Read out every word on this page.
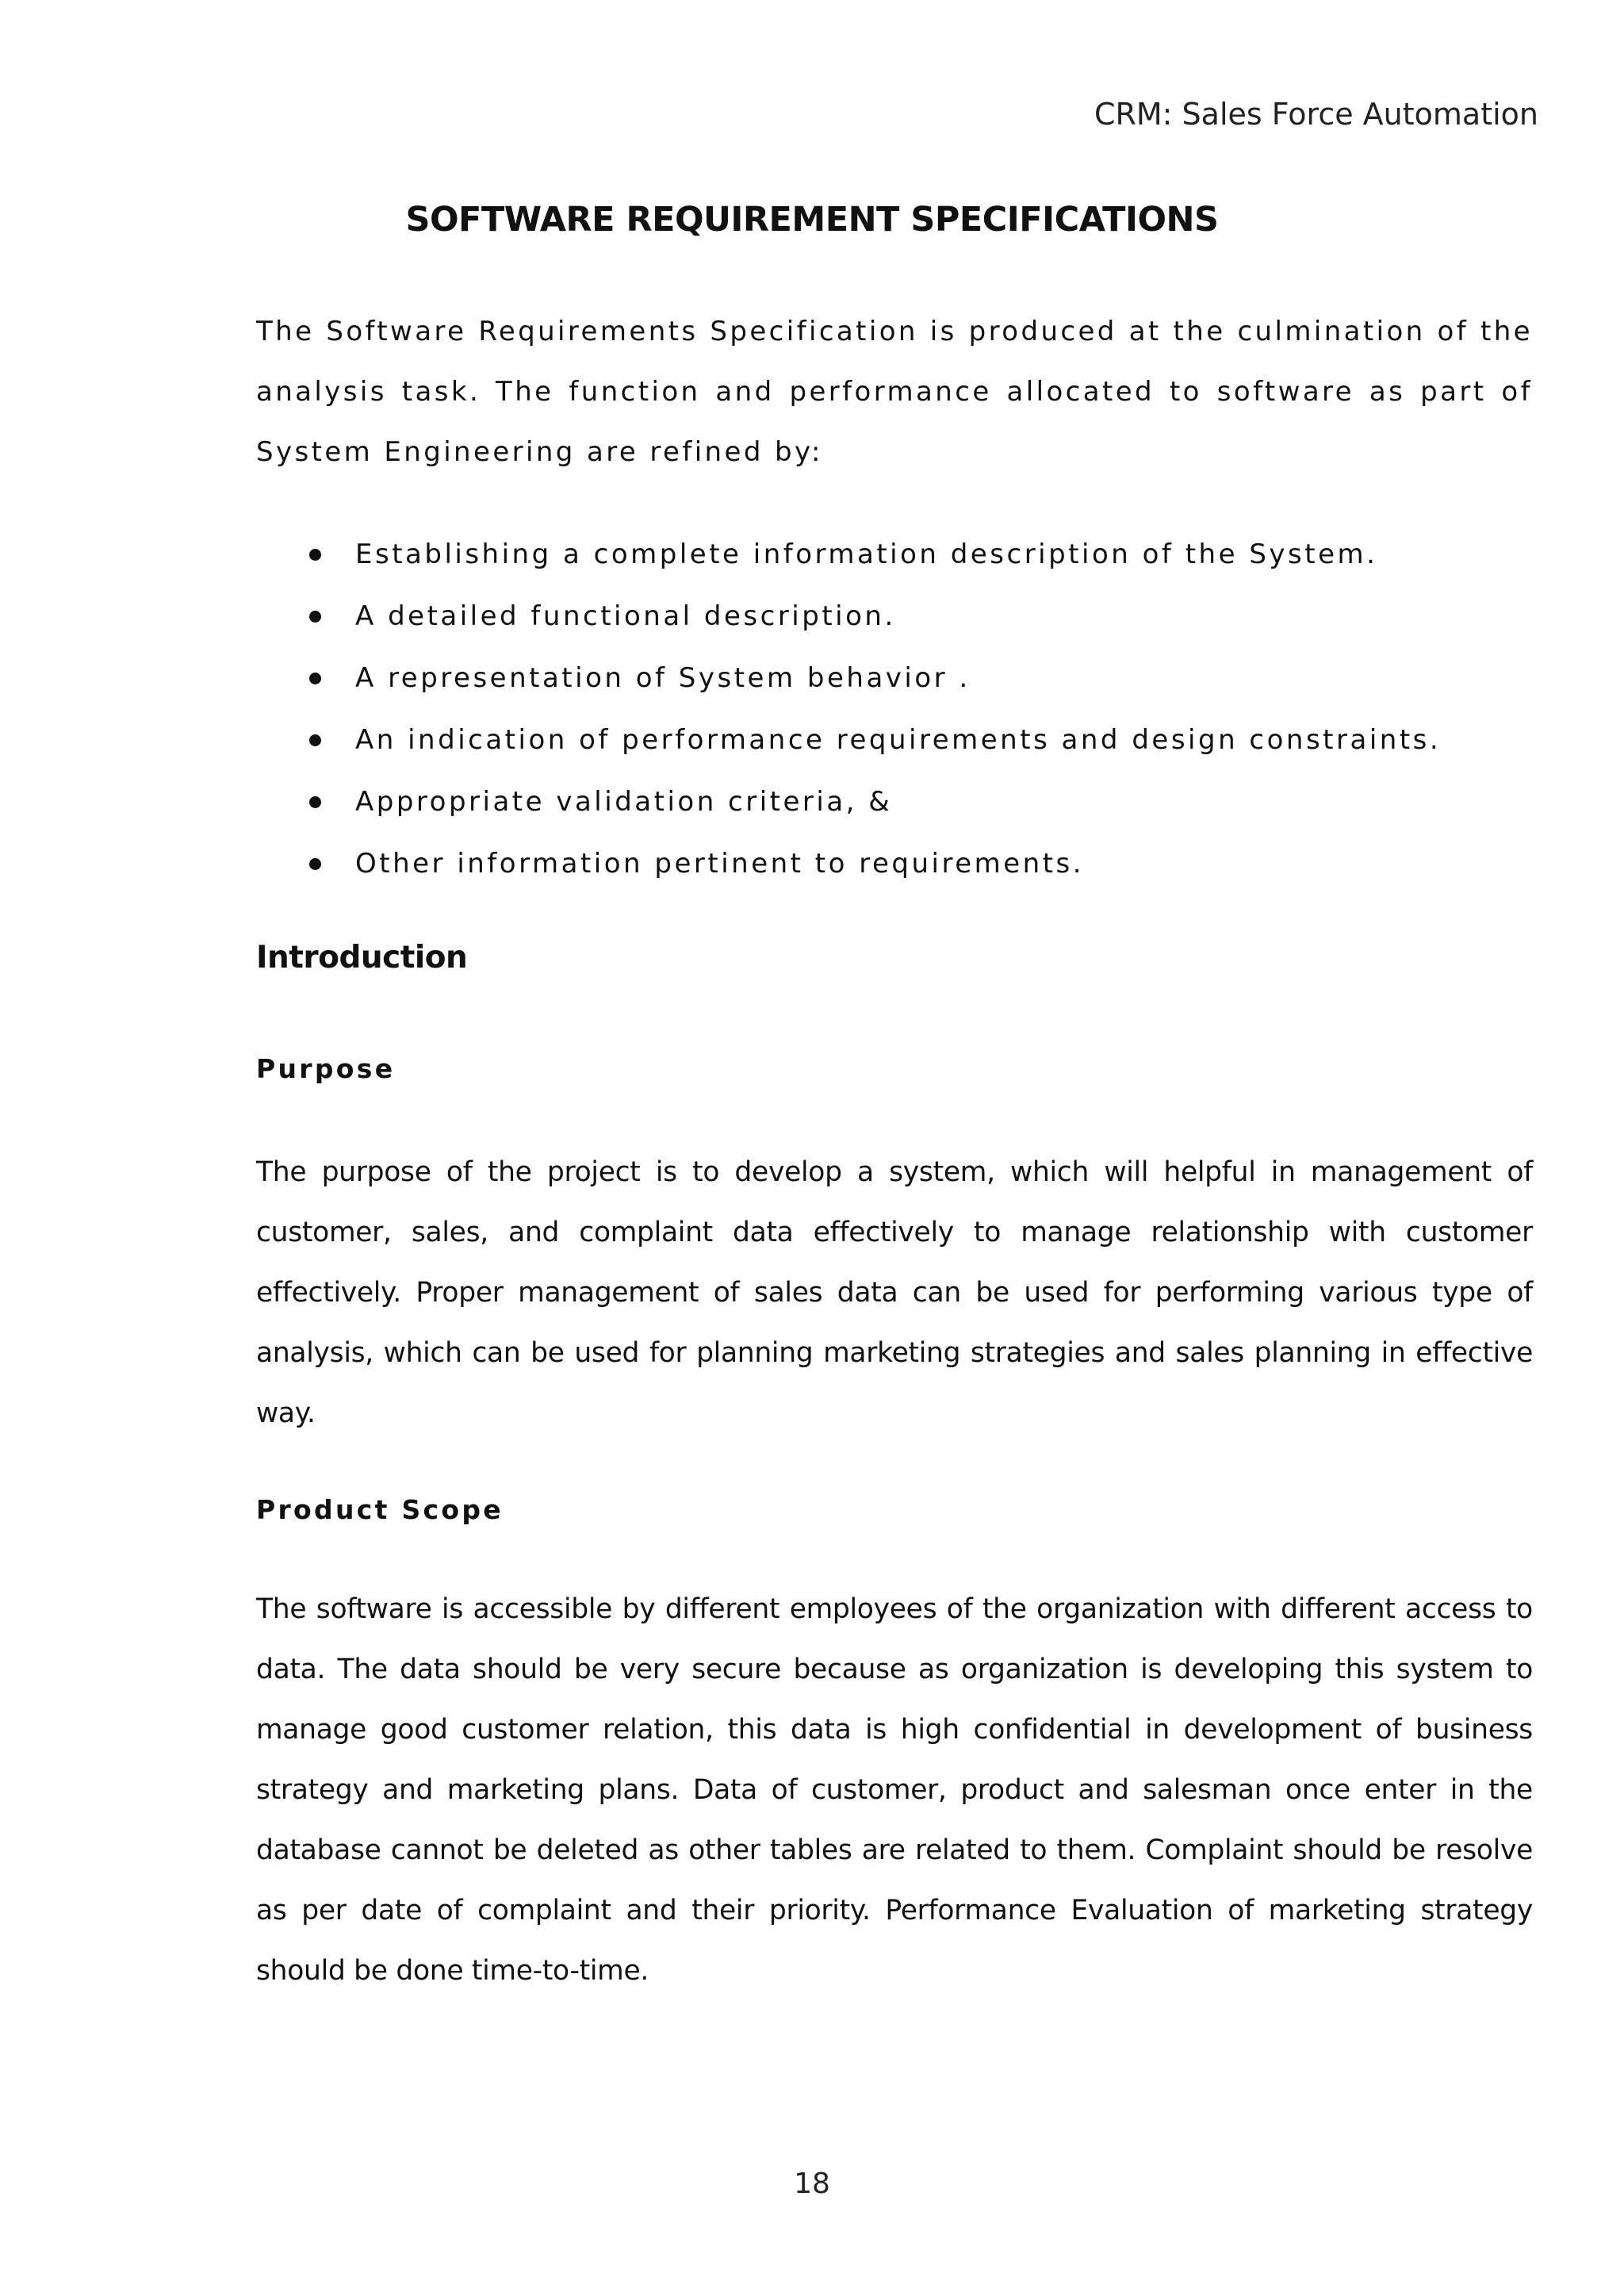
CRM: Sales Force Automation
SOFTWARE REQUIREMENT SPECIFICATIONS
The Software Requirements Specification is produced at the culmination of the analysis task. The function and performance allocated to software as part of System Engineering are refined by:
Establishing a complete information description of the System.
A detailed functional description.
A representation of System behavior .
An indication of performance requirements and design constraints.
Appropriate validation criteria, &
Other information pertinent to requirements.
Introduction
Purpose
The purpose of the project is to develop a system, which will helpful in management of customer, sales, and complaint data effectively to manage relationship with customer effectively. Proper management of sales data can be used for performing various type of analysis, which can be used for planning marketing strategies and sales planning in effective way.
Product Scope
The software is accessible by different employees of the organization with different access to data. The data should be very secure because as organization is developing this system to manage good customer relation, this data is high confidential in development of business strategy and marketing plans. Data of customer, product and salesman once enter in the database cannot be deleted as other tables are related to them. Complaint should be resolve as per date of complaint and their priority. Performance Evaluation of marketing strategy should be done time-to-time.
18
